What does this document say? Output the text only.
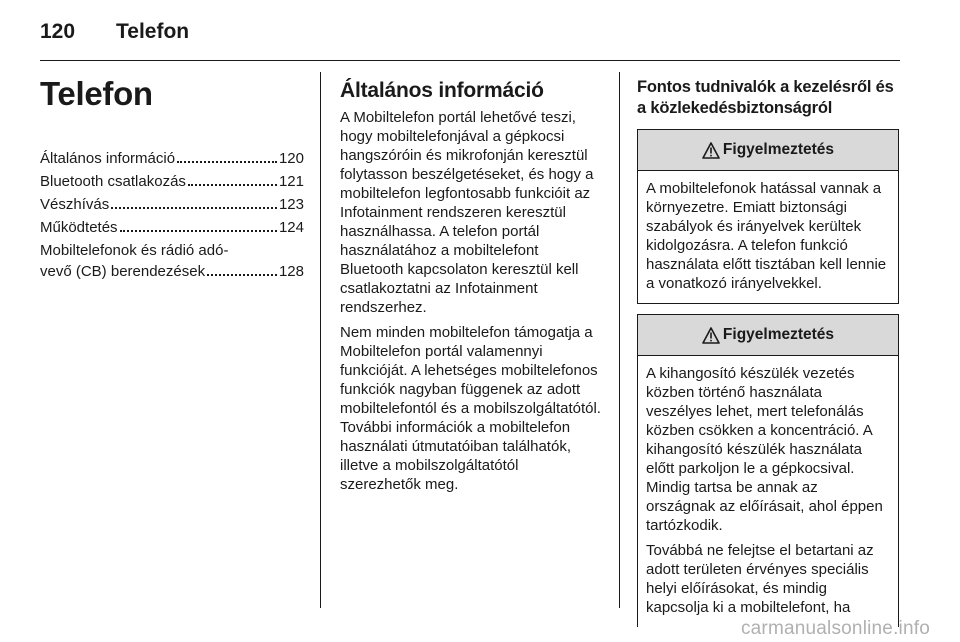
120 Telefon
Telefon
Általános információ	120
Bluetooth csatlakozás	121
Vészhívás	123
Működtetés	124
Mobiltelefonok és rádió adó-
vevő (CB) berendezések	128
Általános információ

A Mobiltelefon portál lehetővé teszi, hogy mobiltelefonjával a gépkocsi hangszóróin és mikrofonján keresztül folytasson beszélgetéseket, és hogy a mobiltelefon legfontosabb funkcióit az Infotainment rendszeren keresztül használhassa. A telefon portál használatához a mobiltelefont Bluetooth kapcsolaton keresztül kell csatlakoztatni az Infotainment rendszerhez.

Nem minden mobiltelefon támogatja a Mobiltelefon portál valamennyi funkcióját. A lehetséges mobiltelefonos funkciók nagyban függenek az adott mobiltelefontól és a mobilszolgáltatótól. További információk a mobiltelefon használati útmutatóiban találhatók, illetve a mobilszolgáltatótól szerezhetők meg.

Fontos tudnivalók a kezelésről és a közlekedésbiztonságról
Figyelmeztetés

A mobiltelefonok hatással vannak a környezetre. Emiatt biztonsági szabályok és irányelvek kerültek kidolgozásra. A telefon funkció használata előtt tisztában kell lennie a vonatkozó irányelvekkel.

Figyelmeztetés

A kihangosító készülék vezetés közben történő használata veszélyes lehet, mert telefonálás közben csökken a koncentráció. A kihangosító készülék használata előtt parkoljon le a gépkocsival. Mindig tartsa be annak az országnak az előírásait, ahol éppen tartózkodik.

Továbbá ne felejtse el betartani az adott területen érvényes speciális helyi előírásokat, és mindig kapcsolja ki a mobiltelefont, ha

carmanualsonline.info
